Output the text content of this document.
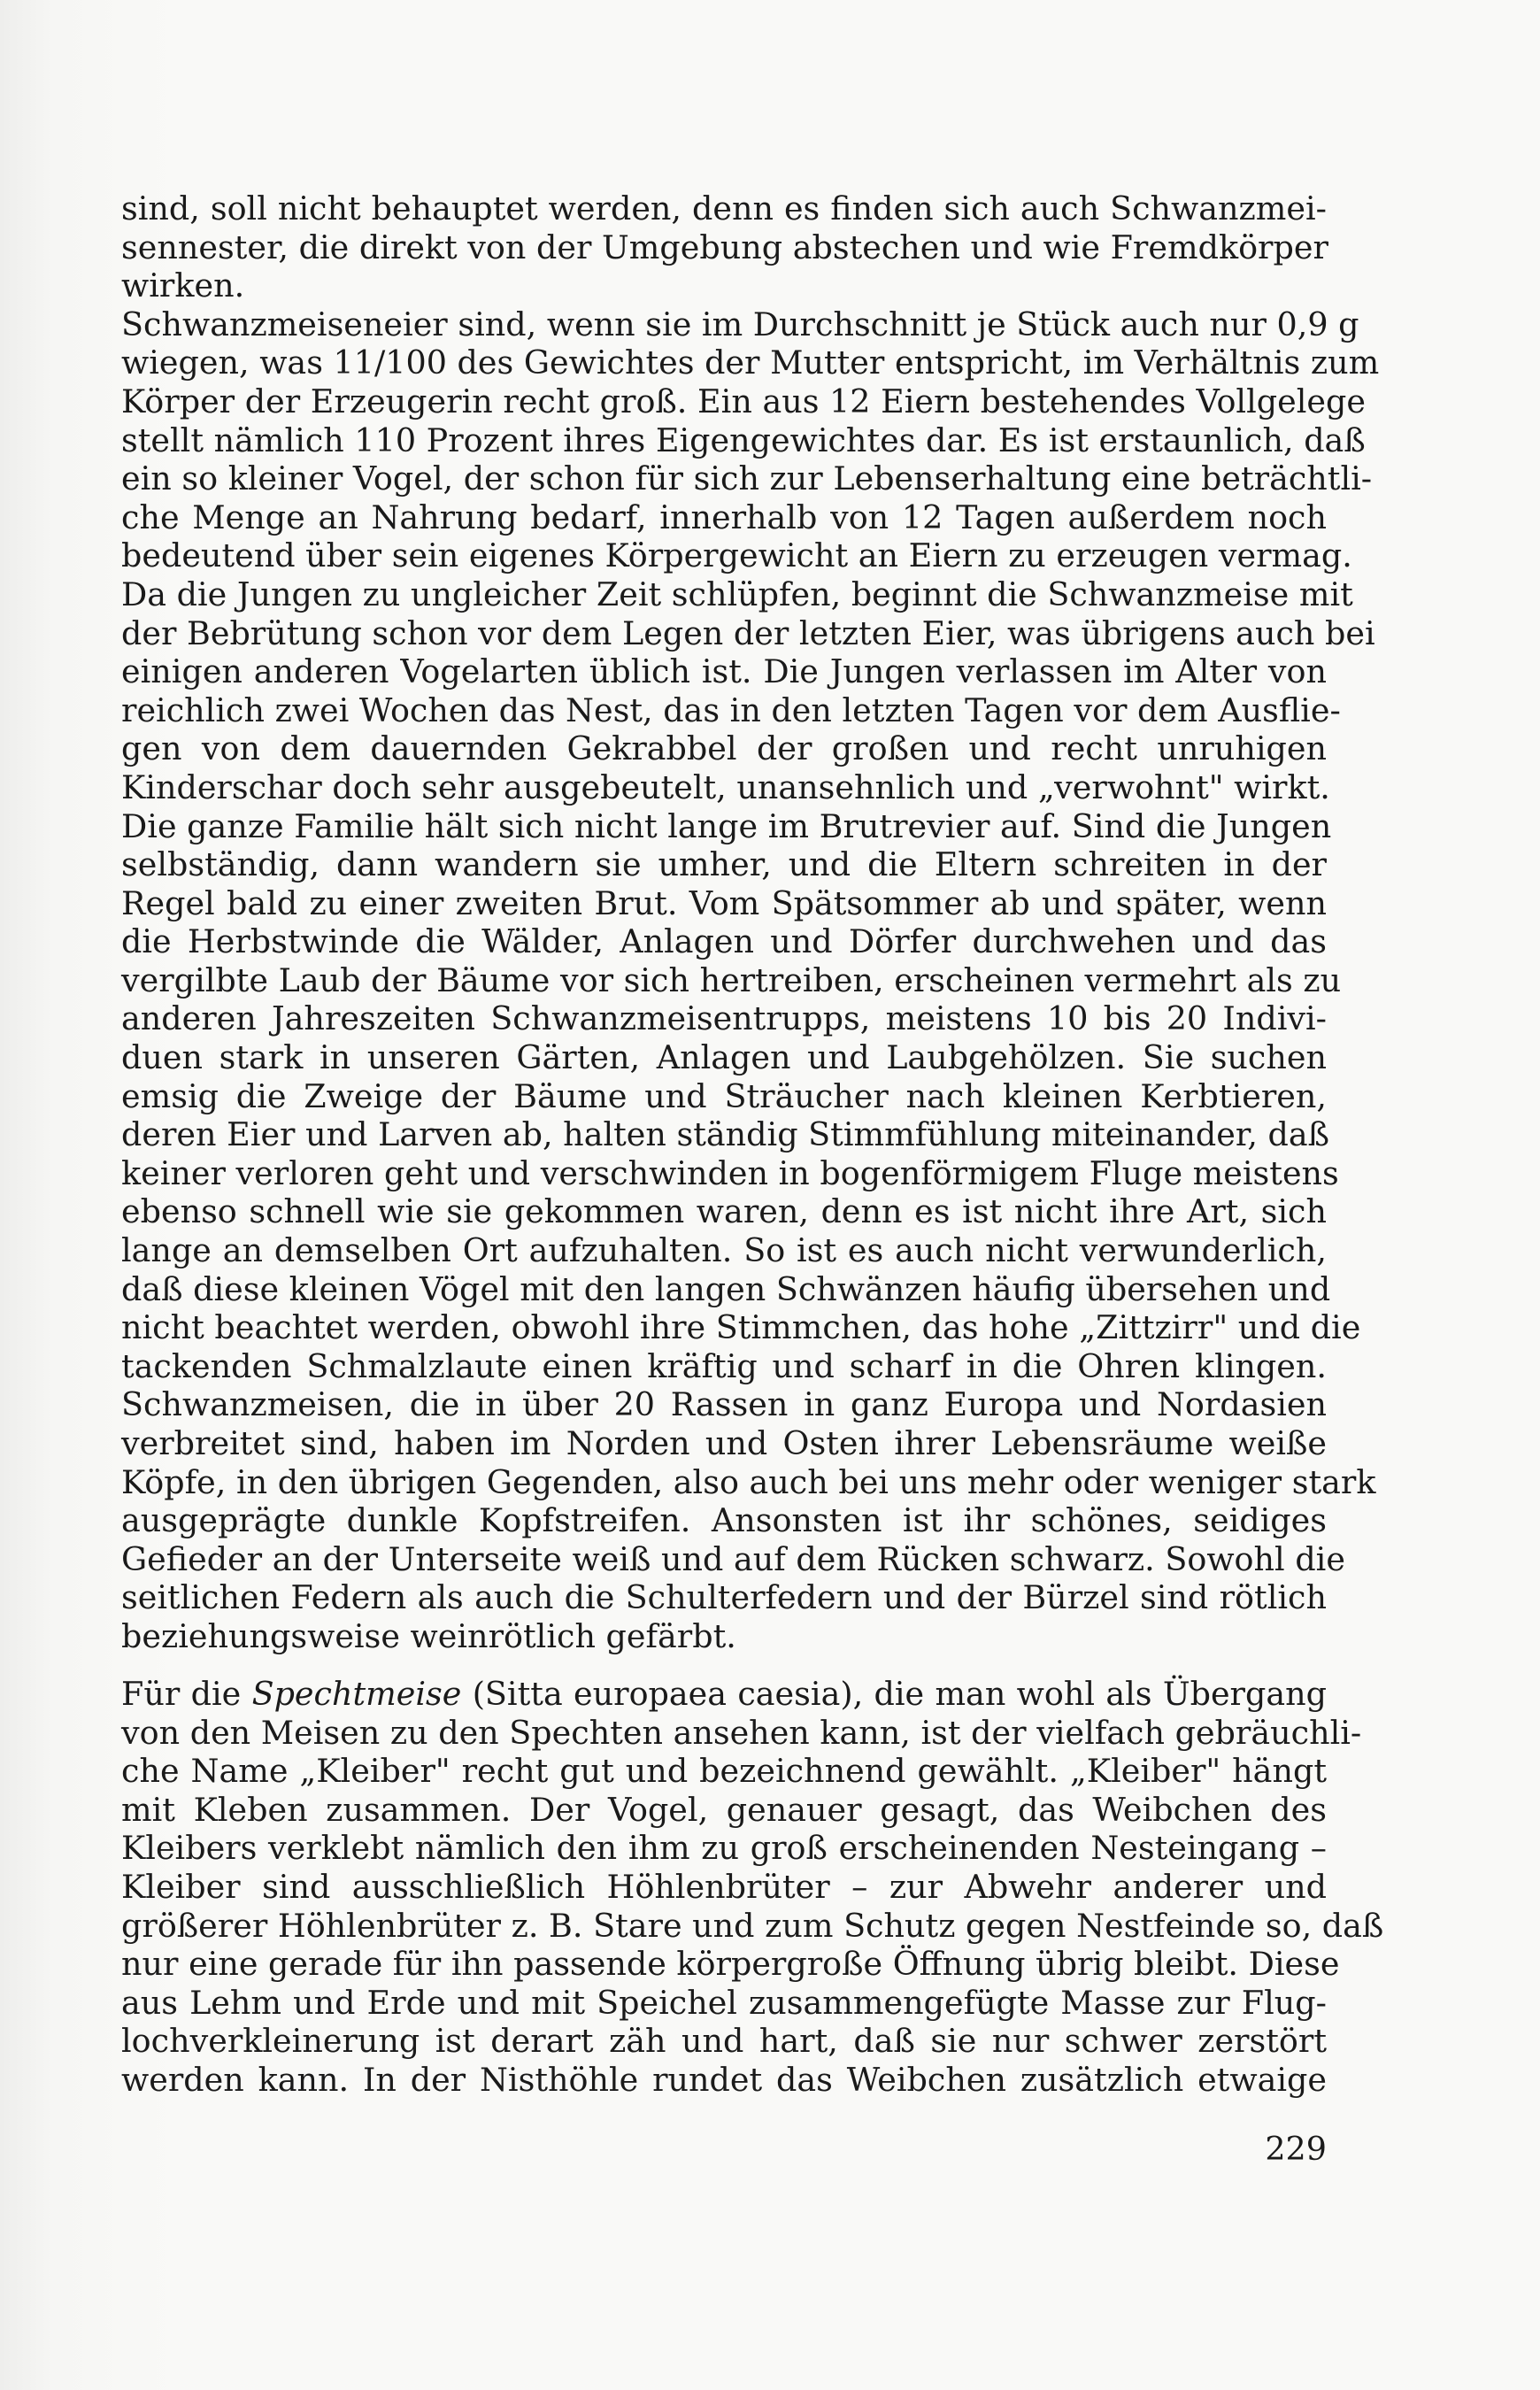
sind, soll nicht behauptet werden, denn es finden sich auch Schwanzmei-
sennester, die direkt von der Umgebung abstechen und wie Fremdkörper
wirken.
Schwanzmeiseneier sind, wenn sie im Durchschnitt je Stück auch nur 0,9 g
wiegen, was 11/100 des Gewichtes der Mutter entspricht, im Verhältnis zum
Körper der Erzeugerin recht groß. Ein aus 12 Eiern bestehendes Vollgelege
stellt nämlich 110 Prozent ihres Eigengewichtes dar. Es ist erstaunlich, daß
ein so kleiner Vogel, der schon für sich zur Lebenserhaltung eine beträchtli-
che Menge an Nahrung bedarf, innerhalb von 12 Tagen außerdem noch
bedeutend über sein eigenes Körpergewicht an Eiern zu erzeugen vermag.
Da die Jungen zu ungleicher Zeit schlüpfen, beginnt die Schwanzmeise mit
der Bebrütung schon vor dem Legen der letzten Eier, was übrigens auch bei
einigen anderen Vogelarten üblich ist. Die Jungen verlassen im Alter von
reichlich zwei Wochen das Nest, das in den letzten Tagen vor dem Ausflie-
gen von dem dauernden Gekrabbel der großen und recht unruhigen
Kinderschar doch sehr ausgebeutelt, unansehnlich und „verwohnt" wirkt.
Die ganze Familie hält sich nicht lange im Brutrevier auf. Sind die Jungen
selbständig, dann wandern sie umher, und die Eltern schreiten in der
Regel bald zu einer zweiten Brut. Vom Spätsommer ab und später, wenn
die Herbstwinde die Wälder, Anlagen und Dörfer durchwehen und das
vergilbte Laub der Bäume vor sich hertreiben, erscheinen vermehrt als zu
anderen Jahreszeiten Schwanzmeisentrupps, meistens 10 bis 20 Indivi-
duen stark in unseren Gärten, Anlagen und Laubgehölzen. Sie suchen
emsig die Zweige der Bäume und Sträucher nach kleinen Kerbtieren,
deren Eier und Larven ab, halten ständig Stimmfühlung miteinander, daß
keiner verloren geht und verschwinden in bogenförmigem Fluge meistens
ebenso schnell wie sie gekommen waren, denn es ist nicht ihre Art, sich
lange an demselben Ort aufzuhalten. So ist es auch nicht verwunderlich,
daß diese kleinen Vögel mit den langen Schwänzen häufig übersehen und
nicht beachtet werden, obwohl ihre Stimmchen, das hohe „Zittzirr" und die
tackenden Schmalzlaute einen kräftig und scharf in die Ohren klingen.
Schwanzmeisen, die in über 20 Rassen in ganz Europa und Nordasien
verbreitet sind, haben im Norden und Osten ihrer Lebensräume weiße
Köpfe, in den übrigen Gegenden, also auch bei uns mehr oder weniger stark
ausgeprägte dunkle Kopfstreifen. Ansonsten ist ihr schönes, seidiges
Gefieder an der Unterseite weiß und auf dem Rücken schwarz. Sowohl die
seitlichen Federn als auch die Schulterfedern und der Bürzel sind rötlich
beziehungsweise weinrötlich gefärbt.
Für die Spechtmeise (Sitta europaea caesia), die man wohl als Übergang
von den Meisen zu den Spechten ansehen kann, ist der vielfach gebräuchli-
che Name „Kleiber" recht gut und bezeichnend gewählt. „Kleiber" hängt
mit Kleben zusammen. Der Vogel, genauer gesagt, das Weibchen des
Kleibers verklebt nämlich den ihm zu groß erscheinenden Nesteingang –
Kleiber sind ausschließlich Höhlenbrüter – zur Abwehr anderer und
größerer Höhlenbrüter z. B. Stare und zum Schutz gegen Nestfeinde so, daß
nur eine gerade für ihn passende körpergroße Öffnung übrig bleibt. Diese
aus Lehm und Erde und mit Speichel zusammengefügte Masse zur Flug-
lochverkleinerung ist derart zäh und hart, daß sie nur schwer zerstört
werden kann. In der Nisthöhle rundet das Weibchen zusätzlich etwaige
229
